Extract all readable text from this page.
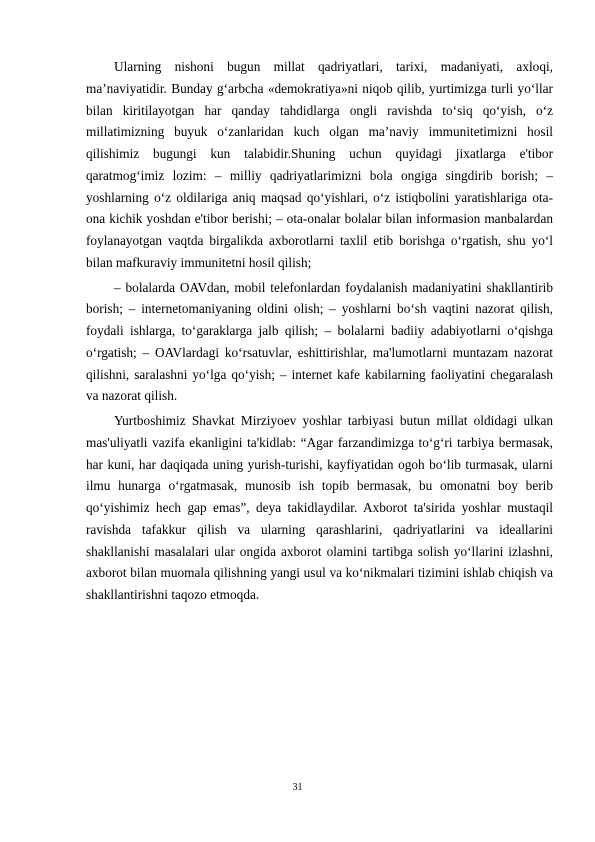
Ularning nishoni bugun millat qadriyatlari, tarixi, madaniyati, axloqi, ma’naviyatidir. Bunday g‘arbcha «demokratiya»ni niqob qilib, yurtimizga turli yo‘llar bilan kiritilayotgan har qanday tahdidlarga ongli ravishda to‘siq qo‘yish, o‘z millatimizning buyuk o‘zanlaridan kuch olgan ma’naviy immunitetimizni hosil qilishimiz bugungi kun talabidir.Shuning uchun quyidagi jixatlarga e'tibor qaratmog‘imiz lozim: – milliy qadriyatlarimizni bola ongiga singdirib borish; – yoshlarning o‘z oldilariga aniq maqsad qo‘yishlari, o‘z istiqbolini yaratishlariga ota-ona kichik yoshdan e'tibor berishi; – ota-onalar bolalar bilan informasion manbalardan foylanayotgan vaqtda birgalikda axborotlarni taxlil etib borishga o‘rgatish, shu yo‘l bilan mafkuraviy immunitetni hosil qilish;

– bolalarda OAVdan, mobil telefonlardan foydalanish madaniyatini shakllantirib borish; – internetomaniyaning oldini olish; – yoshlarni bo‘sh vaqtini nazorat qilish, foydali ishlarga, to‘garaklarga jalb qilish; – bolalarni badiiy adabiyotlarni o‘qishga o‘rgatish; – OAVlardagi ko‘rsatuvlar, eshittirishlar, ma'lumotlarni muntazam nazorat qilishni, saralashni yo‘lga qo‘yish; – internet kafe kabilarning faoliyatini chegaralash va nazorat qilish.

Yurtboshimiz Shavkat Mirziyoev yoshlar tarbiyasi butun millat oldidagi ulkan mas'uliyatli vazifa ekanligini ta'kidlab: “Agar farzandimizga to‘g‘ri tarbiya bermasak, har kuni, har daqiqada uning yurish-turishi, kayfiyatidan ogoh bo‘lib turmasak, ularni ilmu hunarga o‘rgatmasak, munosib ish topib bermasak, bu omonatni boy berib qo‘yishimiz hech gap emas”, deya takidlaydilar. Axborot ta'sirida yoshlar mustaqil ravishda tafakkur qilish va ularning qarashlarini, qadriyatlarini va ideallarini shakllanishi masalalari ular ongida axborot olamini tartibga solish yo‘llarini izlashni, axborot bilan muomala qilishning yangi usul va ko‘nikmalari tizimini ishlab chiqish va shakllantirishni taqozo etmoqda.

31
